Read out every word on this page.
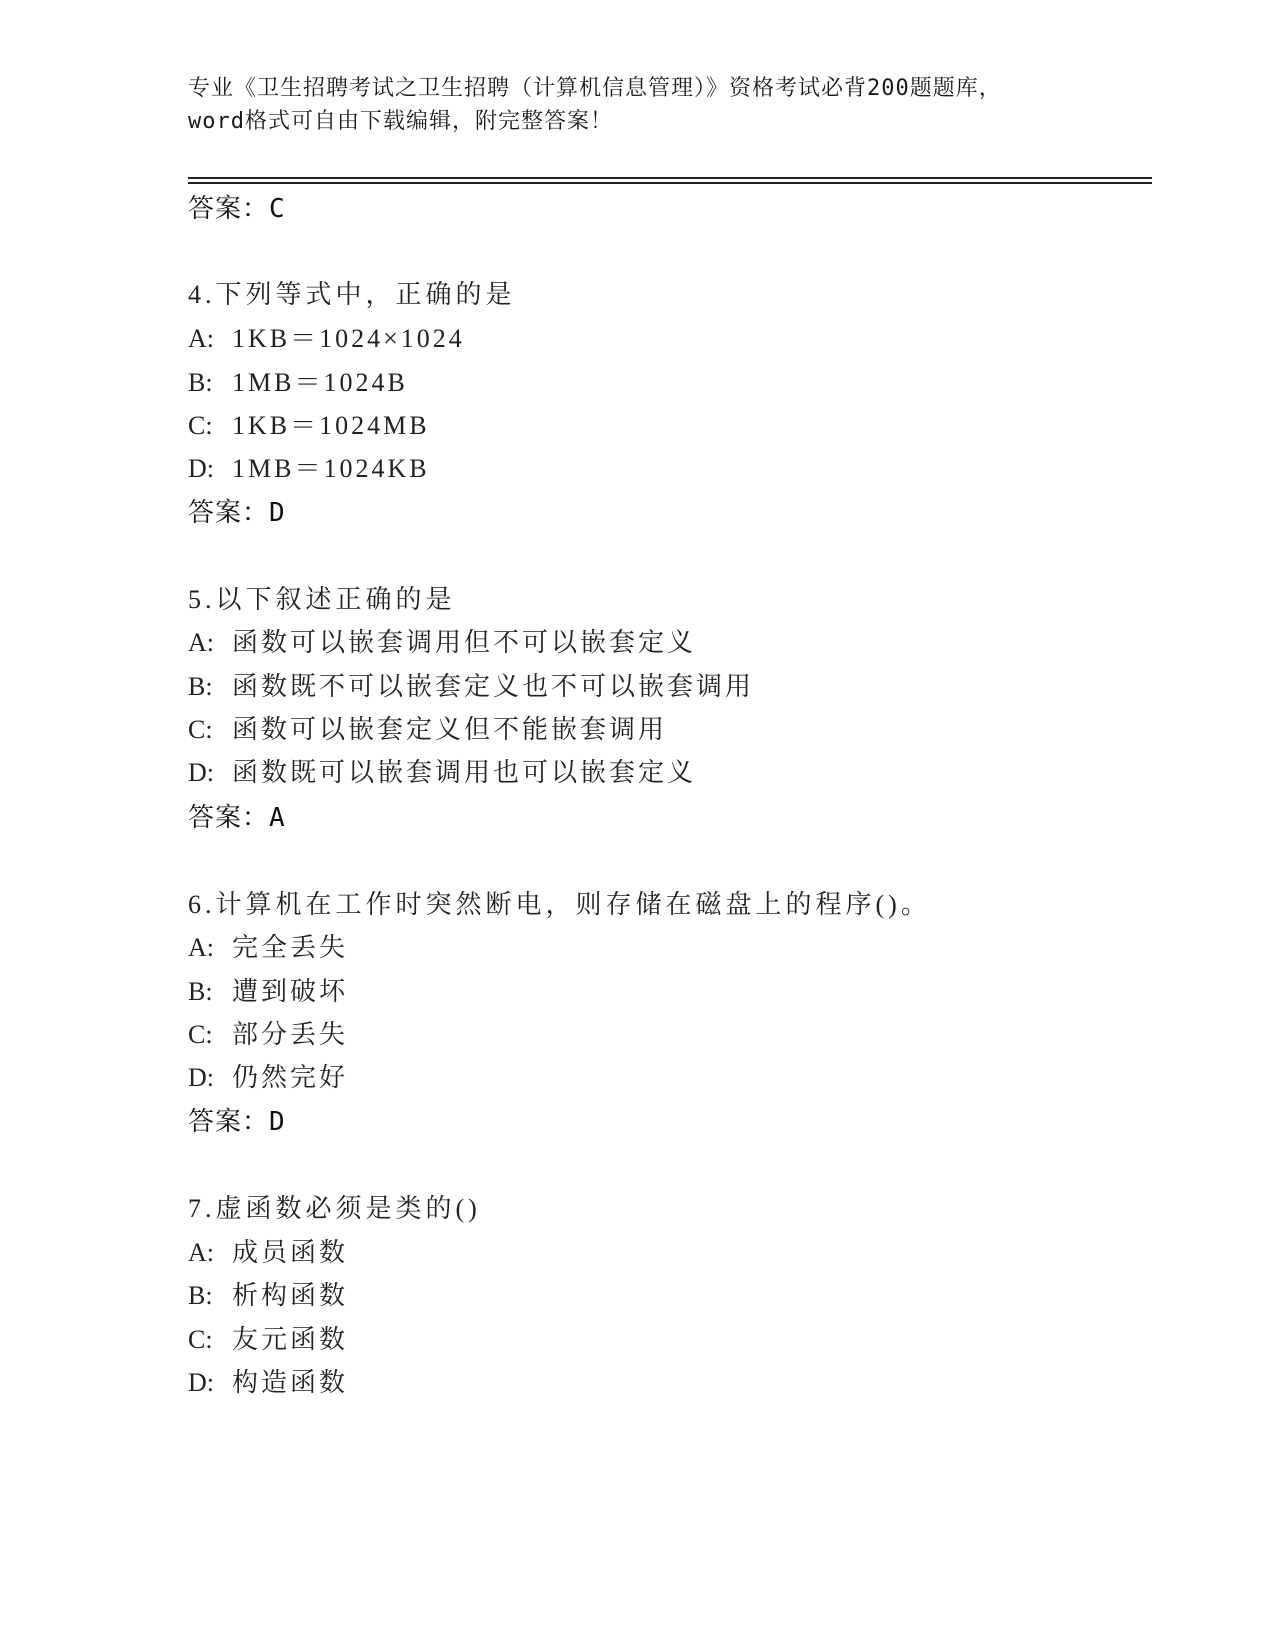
专业《卫生招聘考试之卫生招聘（计算机信息管理）》资格考试必背200题题库，
word格式可自由下载编辑，附完整答案！
答案：C
4.下列等式中，正确的是
A: 1KB＝1024×1024
B: 1MB＝1024B
C: 1KB＝1024MB
D: 1MB＝1024KB
答案：D
5.以下叙述正确的是
A: 函数可以嵌套调用但不可以嵌套定义
B: 函数既不可以嵌套定义也不可以嵌套调用
C: 函数可以嵌套定义但不能嵌套调用
D: 函数既可以嵌套调用也可以嵌套定义
答案：A
6.计算机在工作时突然断电，则存储在磁盘上的程序()。
A: 完全丢失
B: 遭到破坏
C: 部分丢失
D: 仍然完好
答案：D
7.虚函数必须是类的()
A: 成员函数
B: 析构函数
C: 友元函数
D: 构造函数
